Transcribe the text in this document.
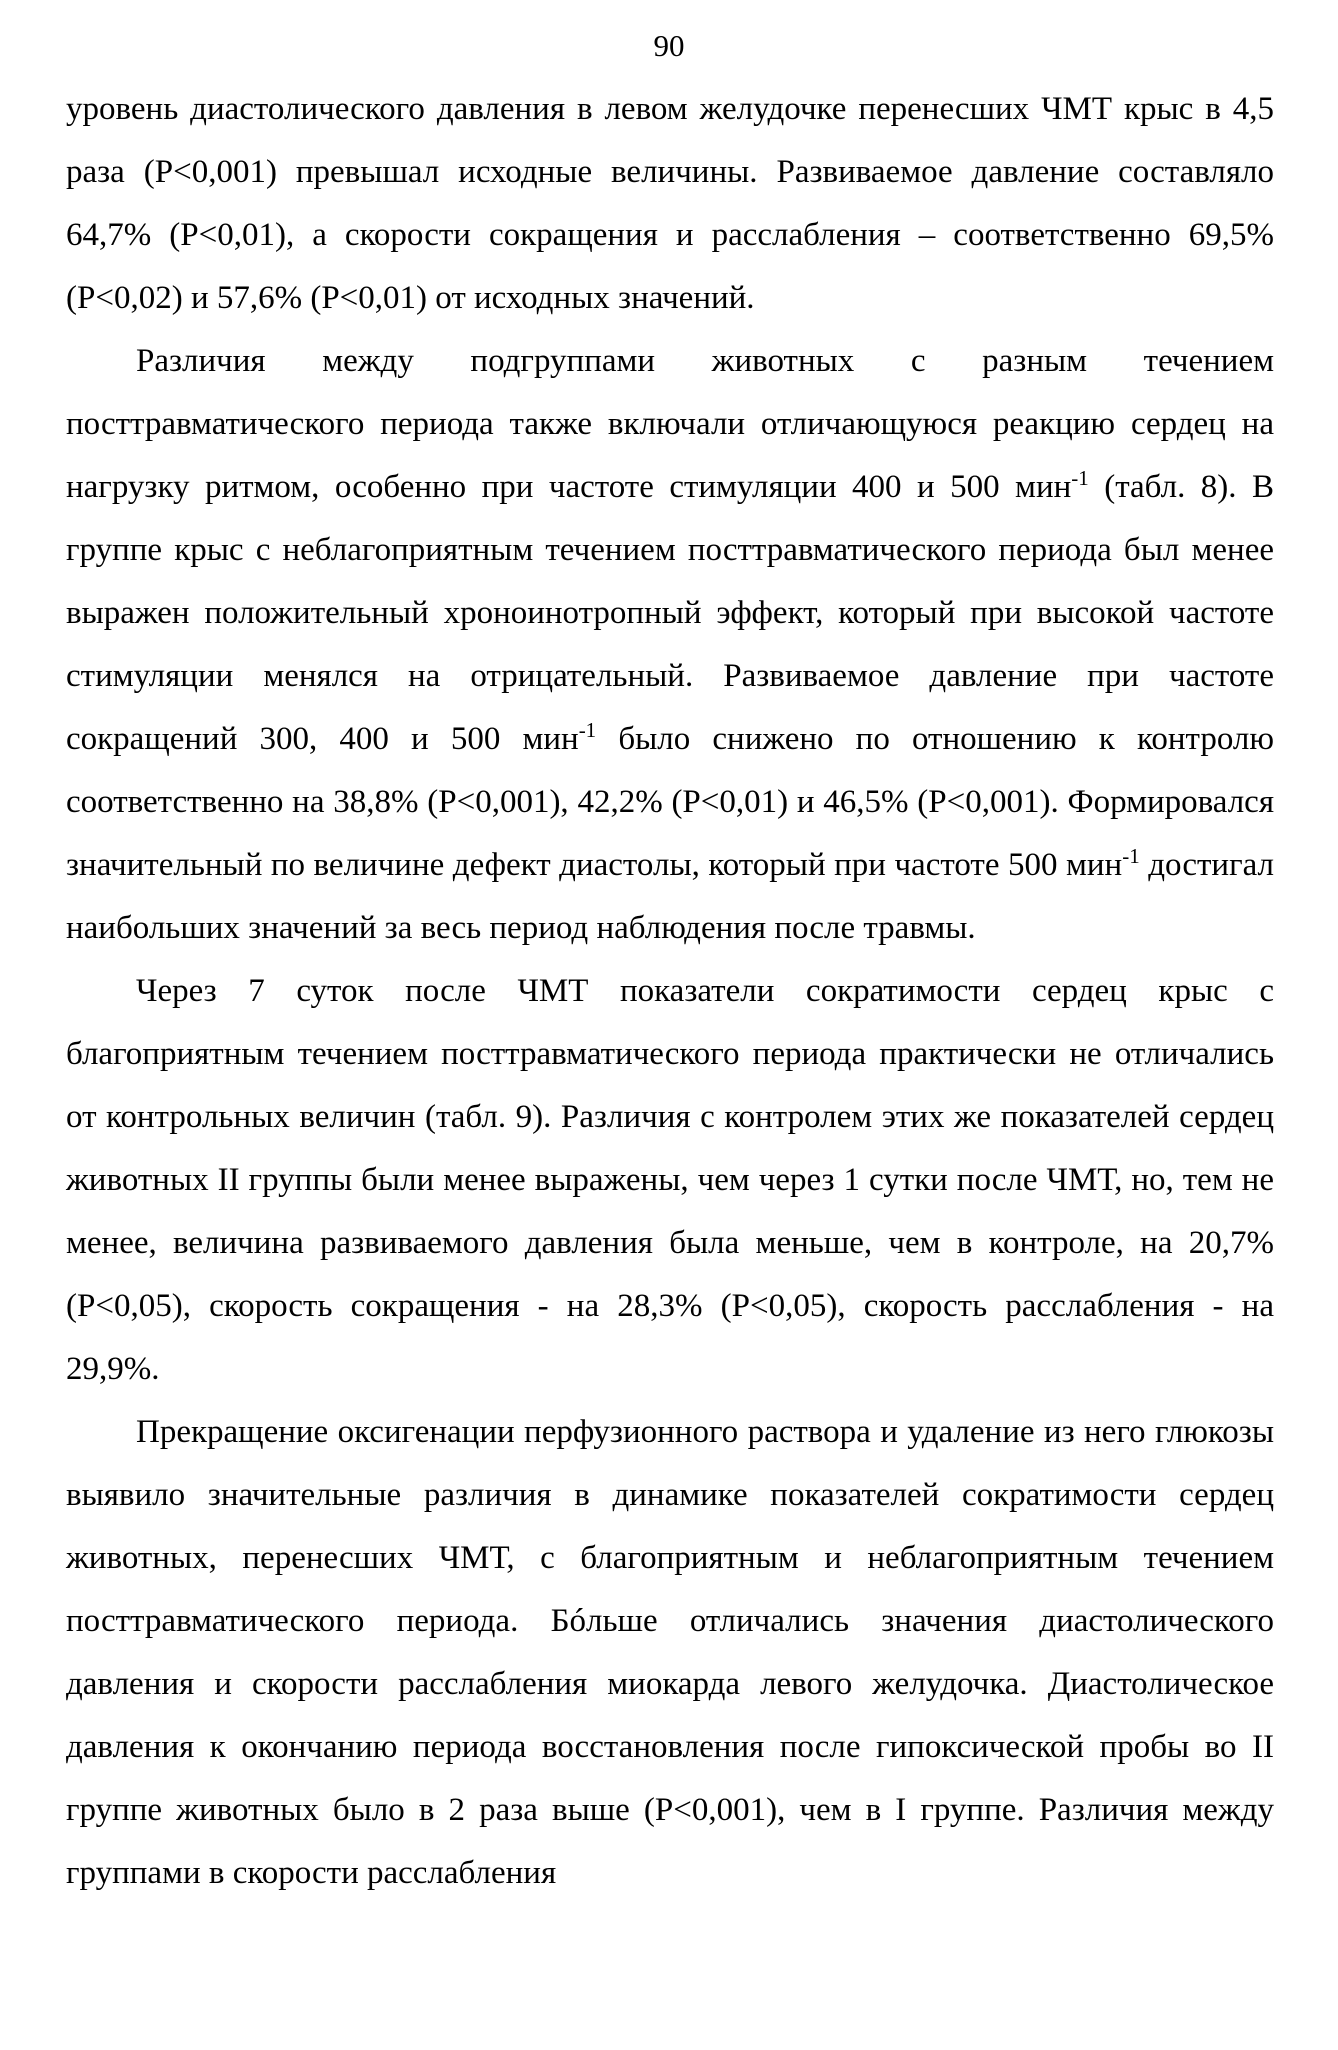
90

уровень диастолического давления в левом желудочке перенесших ЧМТ крыс в 4,5 раза (P<0,001) превышал исходные величины. Развиваемое давление составляло 64,7% (P<0,01), а скорости сокращения и расслабления – соответственно 69,5% (P<0,02) и 57,6% (P<0,01) от исходных значений.

Различия между подгруппами животных с разным течением посттравматического периода также включали отличающуюся реакцию сердец на нагрузку ритмом, особенно при частоте стимуляции 400 и 500 мин$^{-1}$ (табл. 8). В группе крыс с неблагоприятным течением посттравматического периода был менее выражен положительный хроноинотропный эффект, который при высокой частоте стимуляции менялся на отрицательный. Развиваемое давление при частоте сокращений 300, 400 и 500 мин$^{-1}$ было снижено по отношению к контролю соответственно на 38,8% (P<0,001), 42,2% (P<0,01) и 46,5% (P<0,001). Формировался значительный по величине дефект диастолы, который при частоте 500 мин$^{-1}$ достигал наибольших значений за весь период наблюдения после травмы.

Через 7 суток после ЧМТ показатели сократимости сердец крыс с благоприятным течением посттравматического периода практически не отличались от контрольных величин (табл. 9). Различия с контролем этих же показателей сердец животных II группы были менее выражены, чем через 1 сутки после ЧМТ, но, тем не менее, величина развиваемого давления была меньше, чем в контроле, на 20,7% (P<0,05), скорость сокращения - на 28,3% (P<0,05), скорость расслабления - на 29,9%.

Прекращение оксигенации перфузионного раствора и удаление из него глюкозы выявило значительные различия в динамике показателей сократимости сердец животных, перенесших ЧМТ, с благоприятным и неблагоприятным течением посттравматического периода. Бóльше отличались значения диастолического давления и скорости расслабления миокарда левого желудочка. Диастолическое давления к окончанию периода восстановления после гипоксической пробы во II группе животных было в 2 раза выше (P<0,001), чем в I группе. Различия между группами в скорости расслабления
